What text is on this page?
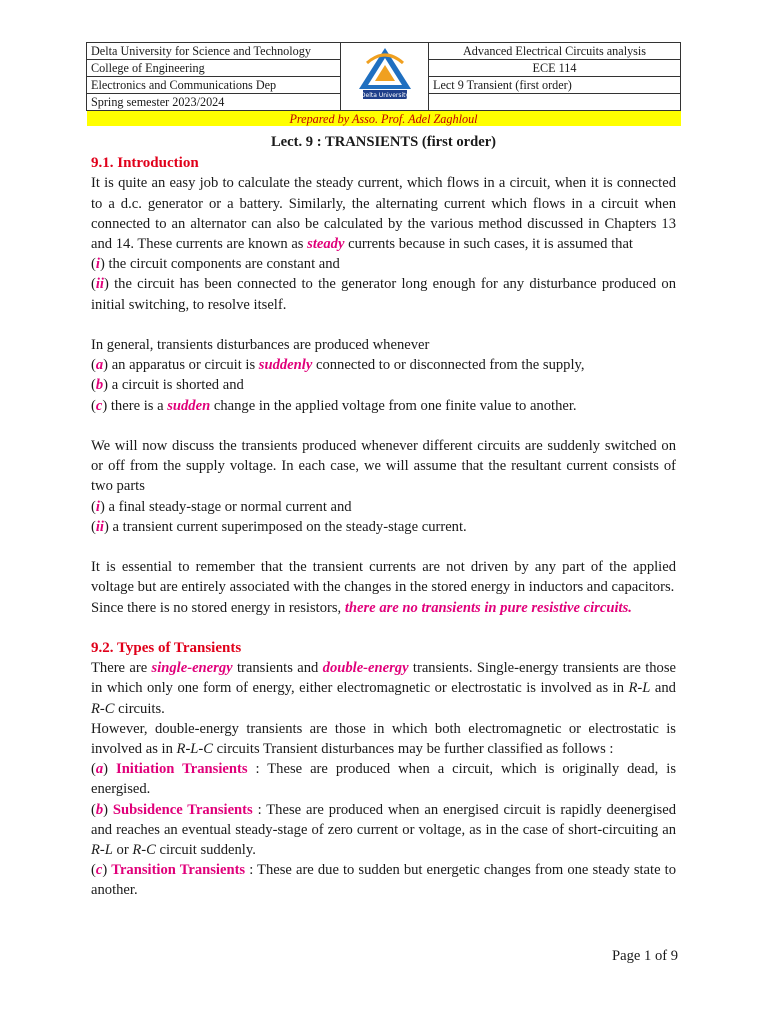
Delta University for Science and Technology	Delta University	Advanced Electrical Circuits analysis
College of Engineering		ECE 114
Electronics and Communications Dep		Lect 9 Transient (first order)
Spring semester 2023/2024		
Prepared by Asso. Prof. Adel Zaghloul		

Lect. 9 : TRANSIENTS (first order)

9.1. Introduction

It is quite an easy job to calculate the steady current, which flows in a circuit, when it is connected to a d.c. generator or a battery. Similarly, the alternating current which flows in a circuit when connected to an alternator can also be calculated by the various method discussed in Chapters 13 and 14. These currents are known as steady currents because in such cases, it is assumed that

(i) the circuit components are constant and

(ii) the circuit has been connected to the generator long enough for any disturbance produced on initial switching, to resolve itself.

In general, transients disturbances are produced whenever

(a) an apparatus or circuit is suddenly connected to or disconnected from the supply,

(b) a circuit is shorted and

(c) there is a sudden change in the applied voltage from one finite value to another.

We will now discuss the transients produced whenever different circuits are suddenly switched on or off from the supply voltage. In each case, we will assume that the resultant current consists of two parts

(i) a final steady-stage or normal current and

(ii) a transient current superimposed on the steady-stage current.

It is essential to remember that the transient currents are not driven by any part of the applied voltage but are entirely associated with the changes in the stored energy in inductors and capacitors.

Since there is no stored energy in resistors, there are no transients in pure resistive circuits.

9.2. Types of Transients

There are single-energy transients and double-energy transients. Single-energy transients are those in which only one form of energy, either electromagnetic or electrostatic is involved as in R-L and R-C circuits.

However, double-energy transients are those in which both electromagnetic or electrostatic is involved as in R-L-C circuits Transient disturbances may be further classified as follows :

(a) Initiation Transients : These are produced when a circuit, which is originally dead, is energised.

(b) Subsidence Transients : These are produced when an energised circuit is rapidly deenergised and reaches an eventual steady-stage of zero current or voltage, as in the case of short-circuiting an R-L or R-C circuit suddenly.

(c) Transition Transients : These are due to sudden but energetic changes from one steady state to another.

Page 1 of 9
